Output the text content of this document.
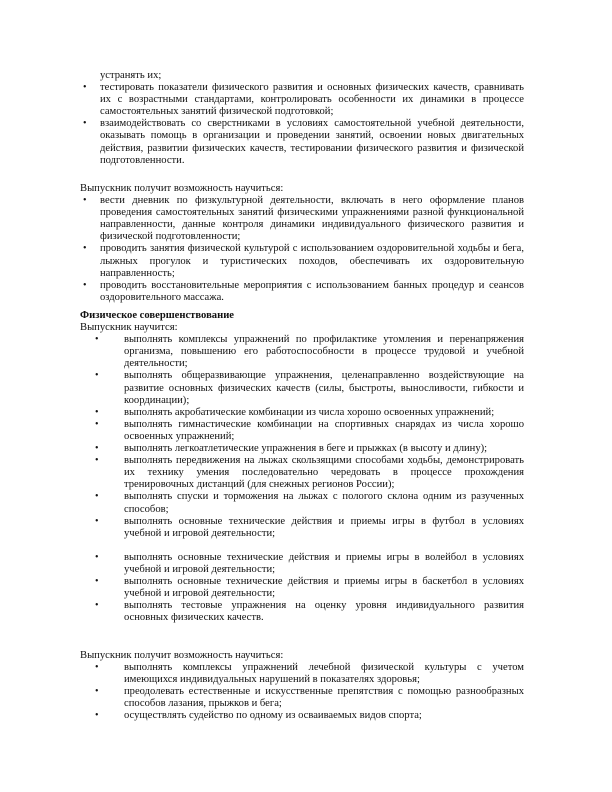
устранять их;
• тестировать показатели физического развития и основных физических качеств, сравнивать их с возрастными стандартами, контролировать особенности их динамики в процессе самостоятельных занятий физической подготовкой;
• взаимодействовать со сверстниками в условиях самостоятельной учебной деятельности, оказывать помощь в организации и проведении занятий, освоении новых двигательных действия, развитии физических качеств, тестировании физического развития и физической подготовленности.
Выпускник получит возможность научиться:
• вести дневник по физкультурной деятельности, включать в него оформление планов проведения самостоятельных занятий физическими упражнениями разной функциональной направленности, данные контроля динамики индивидуального физического развития и физической подготовленности;
• проводить занятия физической культурой с использованием оздоровительной ходьбы и бега, лыжных прогулок и туристических походов, обеспечивать их оздоровительную направленность;
• проводить восстановительные мероприятия с использованием банных процедур и сеансов оздоровительного массажа.
Физическое совершенствование
Выпускник научится:
• выполнять комплексы упражнений по профилактике утомления и перенапряжения организма, повышению его работоспособности в процессе трудовой и учебной деятельности;
• выполнять общеразвивающие упражнения, целенаправленно воздействующие на развитие основных физических качеств (силы, быстроты, выносливости, гибкости и координации);
• выполнять акробатические комбинации из числа хорошо освоенных упражнений;
• выполнять гимнастические комбинации на спортивных снарядах из числа хорошо освоенных упражнений;
• выполнять легкоатлетические упражнения в беге и прыжках (в высоту и длину);
• выполнять передвижения на лыжах скользящими способами ходьбы, демонстрировать их технику умения последовательно чередовать в процессе прохождения тренировочных дистанций (для снежных регионов России);
• выполнять спуски и торможения на лыжах с пологого склона одним из разученных способов;
• выполнять основные технические действия и приемы игры в футбол в условиях учебной и игровой деятельности;
• выполнять основные технические действия и приемы игры в волейбол в условиях учебной и игровой деятельности;
• выполнять основные технические действия и приемы игры в баскетбол в условиях учебной и игровой деятельности;
• выполнять тестовые упражнения на оценку уровня индивидуального развития основных физических качеств.
Выпускник получит возможность научиться:
• выполнять комплексы упражнений лечебной физической культуры с учетом имеющихся индивидуальных нарушений в показателях здоровья;
• преодолевать естественные и искусственные препятствия с помощью разнообразных способов лазания, прыжков и бега;
• осуществлять судейство по одному из осваиваемых видов спорта;
